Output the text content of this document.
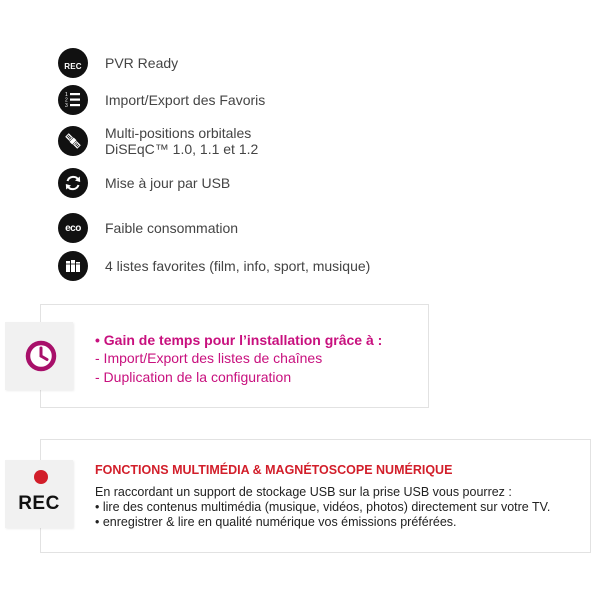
REC PVR Ready
1
2
3	Import/Export des Favoris
Multi-positions orbitales
DiSEqC™ 1.0, 1.1 et 1.2
Mise à jour par USB
eco Faible consommation
4 listes favorites (film, info, sport, musique)
• Gain de temps pour l’installation grâce à :
- Import/Export des listes de chaînes
- Duplication de la configuration
REC
FONCTIONS MULTIMÉDIA & MAGNÉTOSCOPE NUMÉRIQUE
En raccordant un support de stockage USB sur la prise USB vous pourrez :
• lire des contenus multimédia (musique, vidéos, photos) directement sur votre TV.
• enregistrer & lire en qualité numérique vos émissions préférées.
